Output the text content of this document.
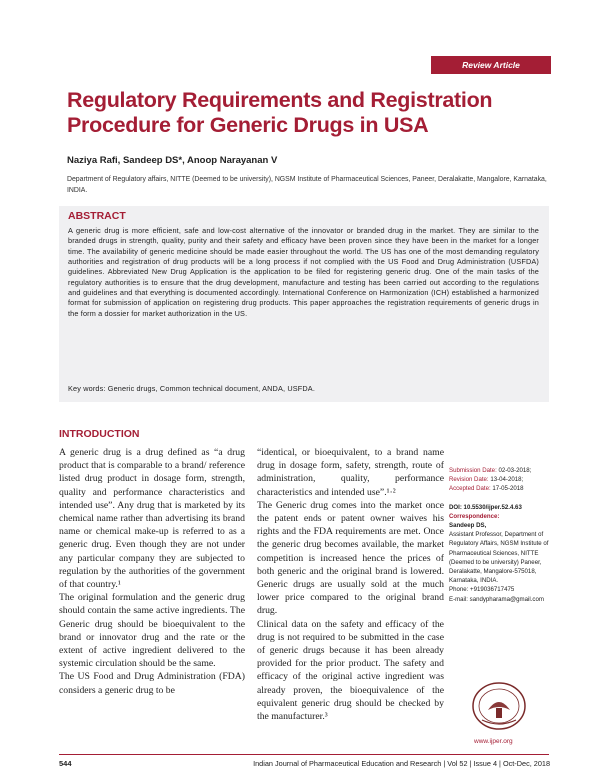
Review Article
Regulatory Requirements and Registration Procedure for Generic Drugs in USA
Naziya Rafi, Sandeep DS*, Anoop Narayanan V
Department of Regulatory affairs, NITTE (Deemed to be university), NGSM Institute of Pharmaceutical Sciences, Paneer, Deralakatte, Mangalore, Karnataka, INDIA.
ABSTRACT

A generic drug is more efficient, safe and low-cost alternative of the innovator or branded drug in the market. They are similar to the branded drugs in strength, quality, purity and their safety and efficacy have been proven since they have been in the market for a longer time. The availability of generic medicine should be made easier throughout the world. The US has one of the most demanding regulatory authorities and registration of drug products will be a long process if not complied with the US Food and Drug Administration (USFDA) guidelines. Abbreviated New Drug Application is the application to be filed for registering generic drug. One of the main tasks of the regulatory authorities is to ensure that the drug development, manufacture and testing has been carried out according to the regulations and guidelines and that everything is documented accordingly. International Conference on Harmonization (ICH) established a harmonized format for submission of application on registering drug products. This paper approaches the registration requirements of generic drugs in the form a dossier for market authorization in the US.

Key words: Generic drugs, Common technical document, ANDA, USFDA.

INTRODUCTION

A generic drug is a drug defined as “a drug product that is comparable to a brand/ reference listed drug product in dosage form, strength, quality and performance characteristics and intended use”. Any drug that is marketed by its chemical name rather than advertising its brand name or chemical make-up is referred to as a generic drug. Even though they are not under any particular company they are subjected to regulation by the authorities of the government of that country.¹

The original formulation and the generic drug should contain the same active ingredients. The Generic drug should be bioequivalent to the brand or innovator drug and the rate or the extent of active ingredient delivered to the systemic circulation should be the same.

The US Food and Drug Administration (FDA) considers a generic drug to be

“identical, or bioequivalent, to a brand name drug in dosage form, safety, strength, route of administration, quality, performance characteristics and intended use”.¹·²

The Generic drug comes into the market once the patent ends or patent owner waives his rights and the FDA requirements are met. Once the generic drug becomes available, the market competition is increased hence the prices of both generic and the original brand is lowered. Generic drugs are usually sold at the much lower price compared to the original brand drug.

Clinical data on the safety and efficacy of the drug is not required to be submitted in the case of generic drugs because it has been already provided for the prior product. The safety and efficacy of the original active ingredient was already proven, the bioequivalence of the equivalent generic drug should be checked by the manufacturer.³

Submission Date: 02-03-2018;
Revision Date: 13-04-2018;
Accepted Date: 17-05-2018
DOI: 10.5530/ijper.52.4.63
Correspondence:
Sandeep DS,
Assistant Professor, Department of Regulatory Affairs, NGSM Institute of Pharmaceutical Sciences, NITTE (Deemed to be university) Paneer, Deralakatte, Mangalore-575018, Karnataka, INDIA.
Phone: +919036717475
E-mail: sandypharama@gmail.com
www.ijper.org
544	Indian Journal of Pharmaceutical Education and Research | Vol 52 | Issue 4 | Oct-Dec, 2018
